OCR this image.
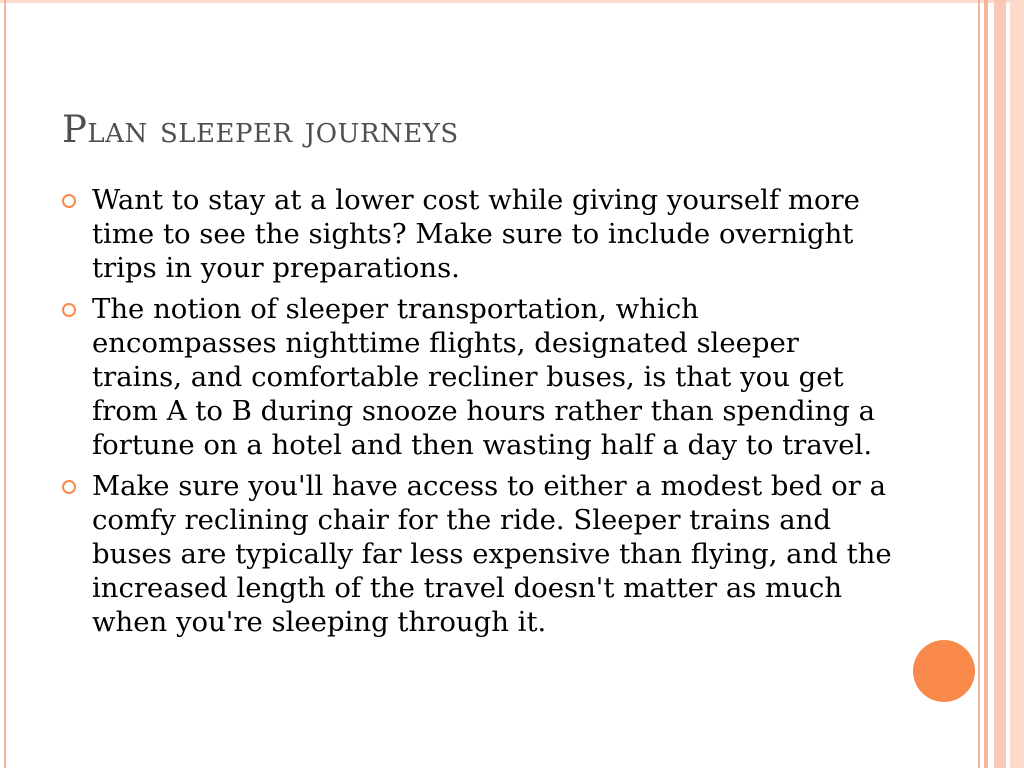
Plan sleeper journeys
Want to stay at a lower cost while giving yourself more time to see the sights? Make sure to include overnight trips in your preparations.
The notion of sleeper transportation, which encompasses nighttime flights, designated sleeper trains, and comfortable recliner buses, is that you get from A to B during snooze hours rather than spending a fortune on a hotel and then wasting half a day to travel.
Make sure you'll have access to either a modest bed or a comfy reclining chair for the ride. Sleeper trains and buses are typically far less expensive than flying, and the increased length of the travel doesn't matter as much when you're sleeping through it.
